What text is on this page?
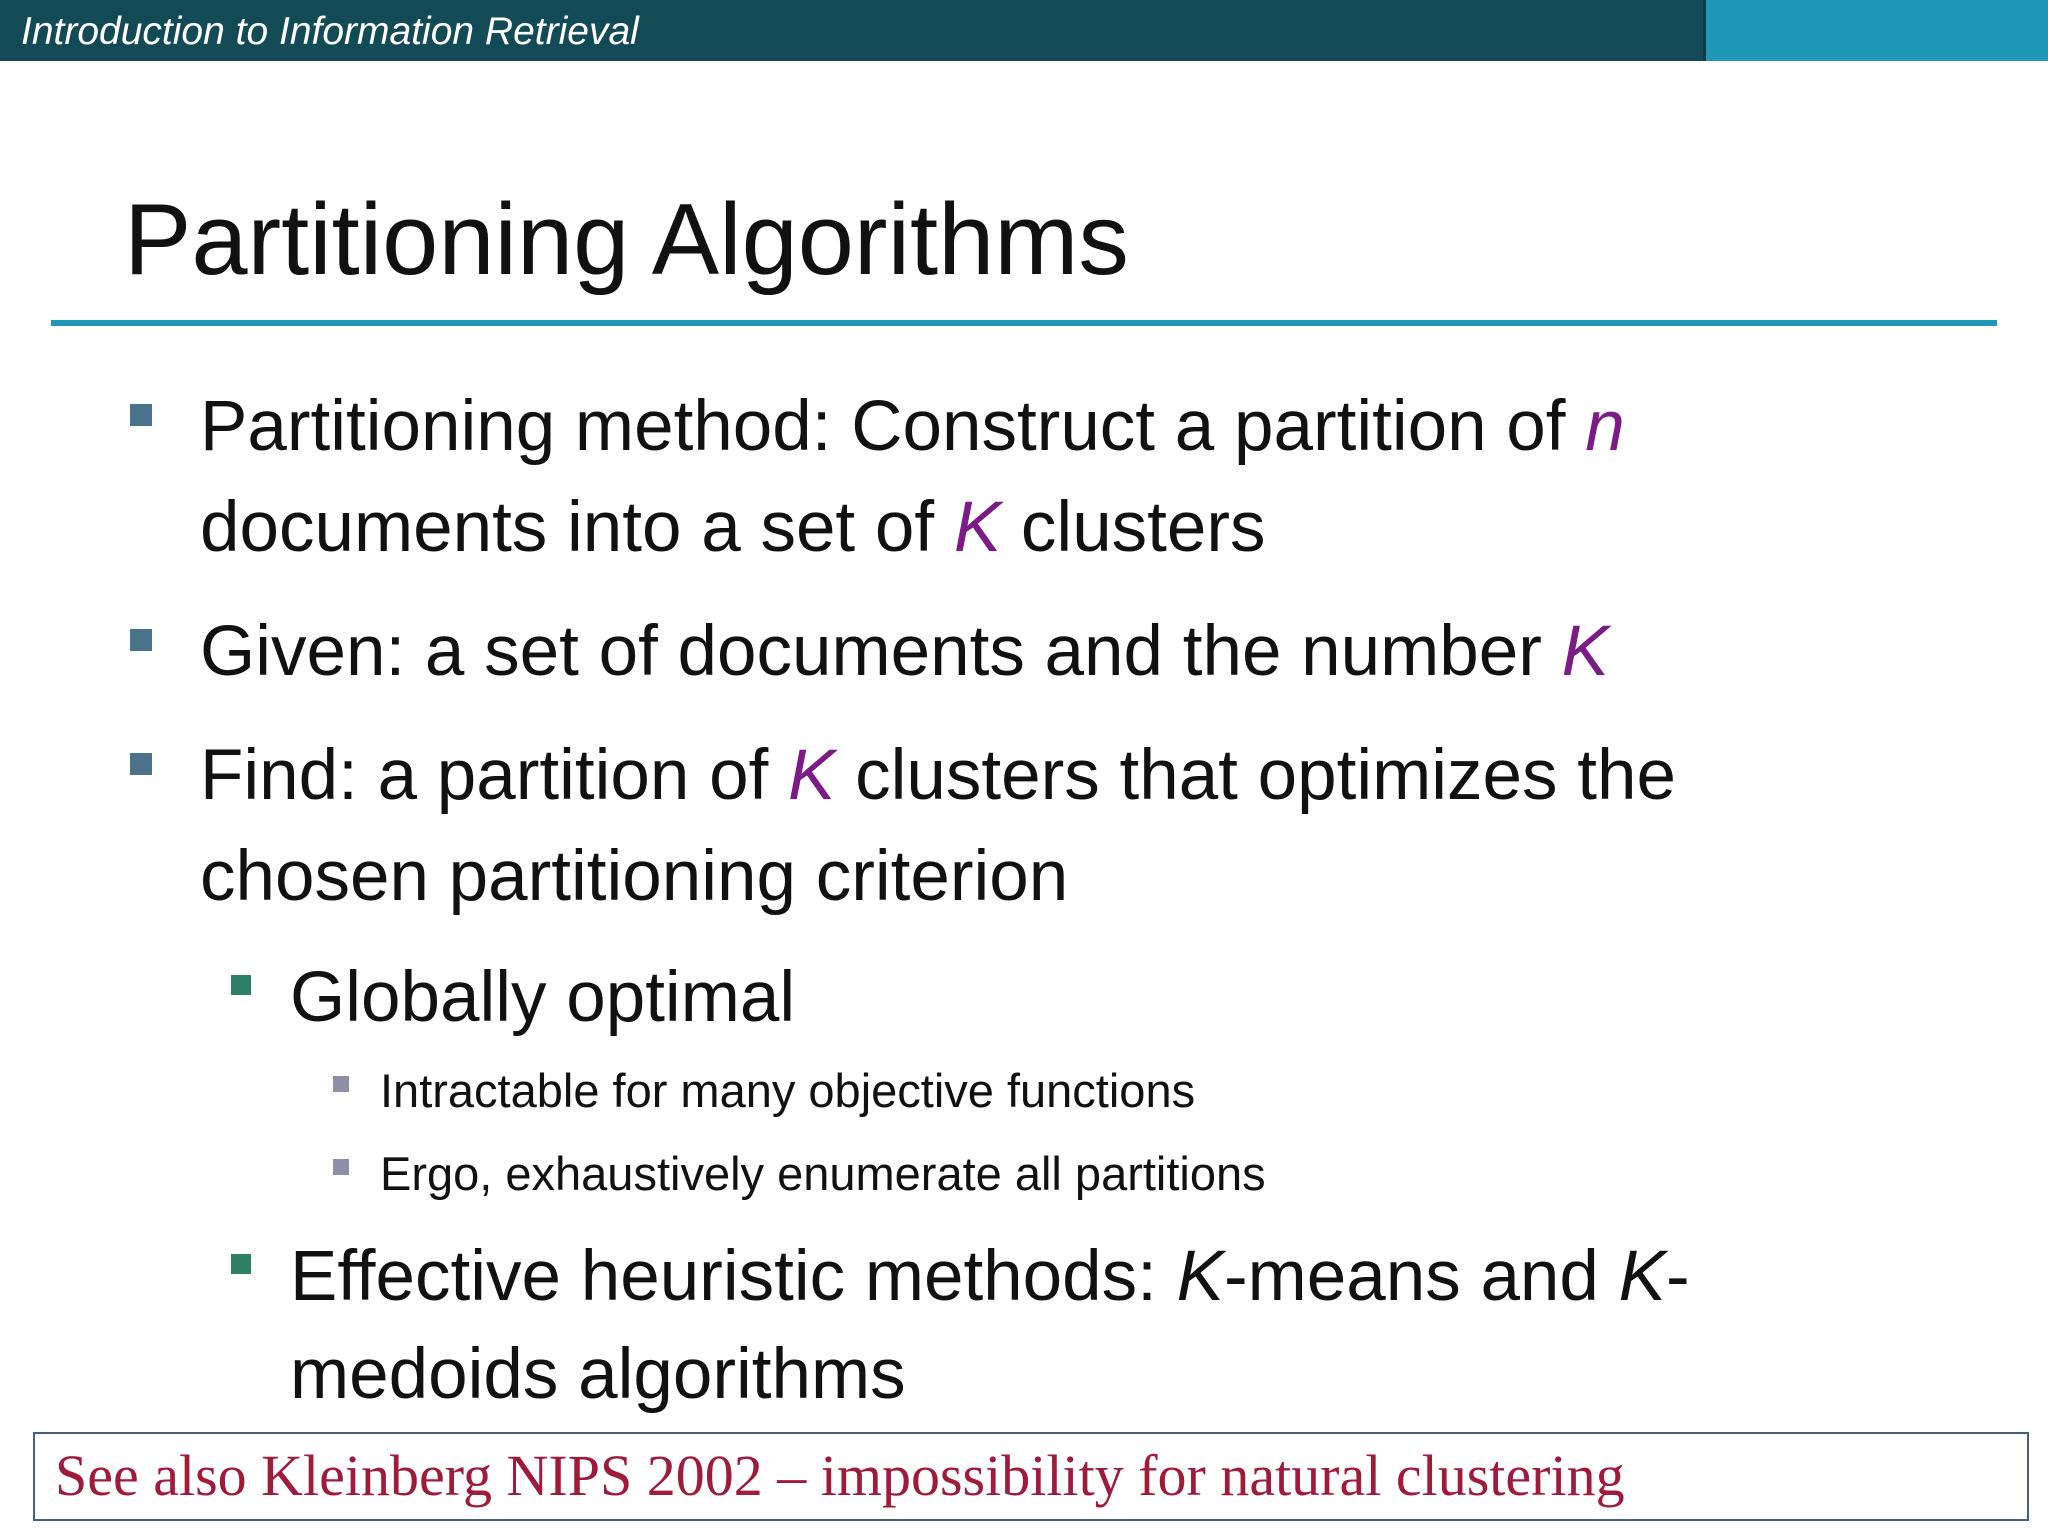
Introduction to Information Retrieval
Partitioning Algorithms
Partitioning method: Construct a partition of n
documents into a set of K clusters
Given: a set of documents and the number K
Find: a partition of K clusters that optimizes the
chosen partitioning criterion
Globally optimal
Intractable for many objective functions
Ergo, exhaustively enumerate all partitions
Effective heuristic methods: K-means and K-
medoids algorithms
See also Kleinberg NIPS 2002 – impossibility for natural clustering
